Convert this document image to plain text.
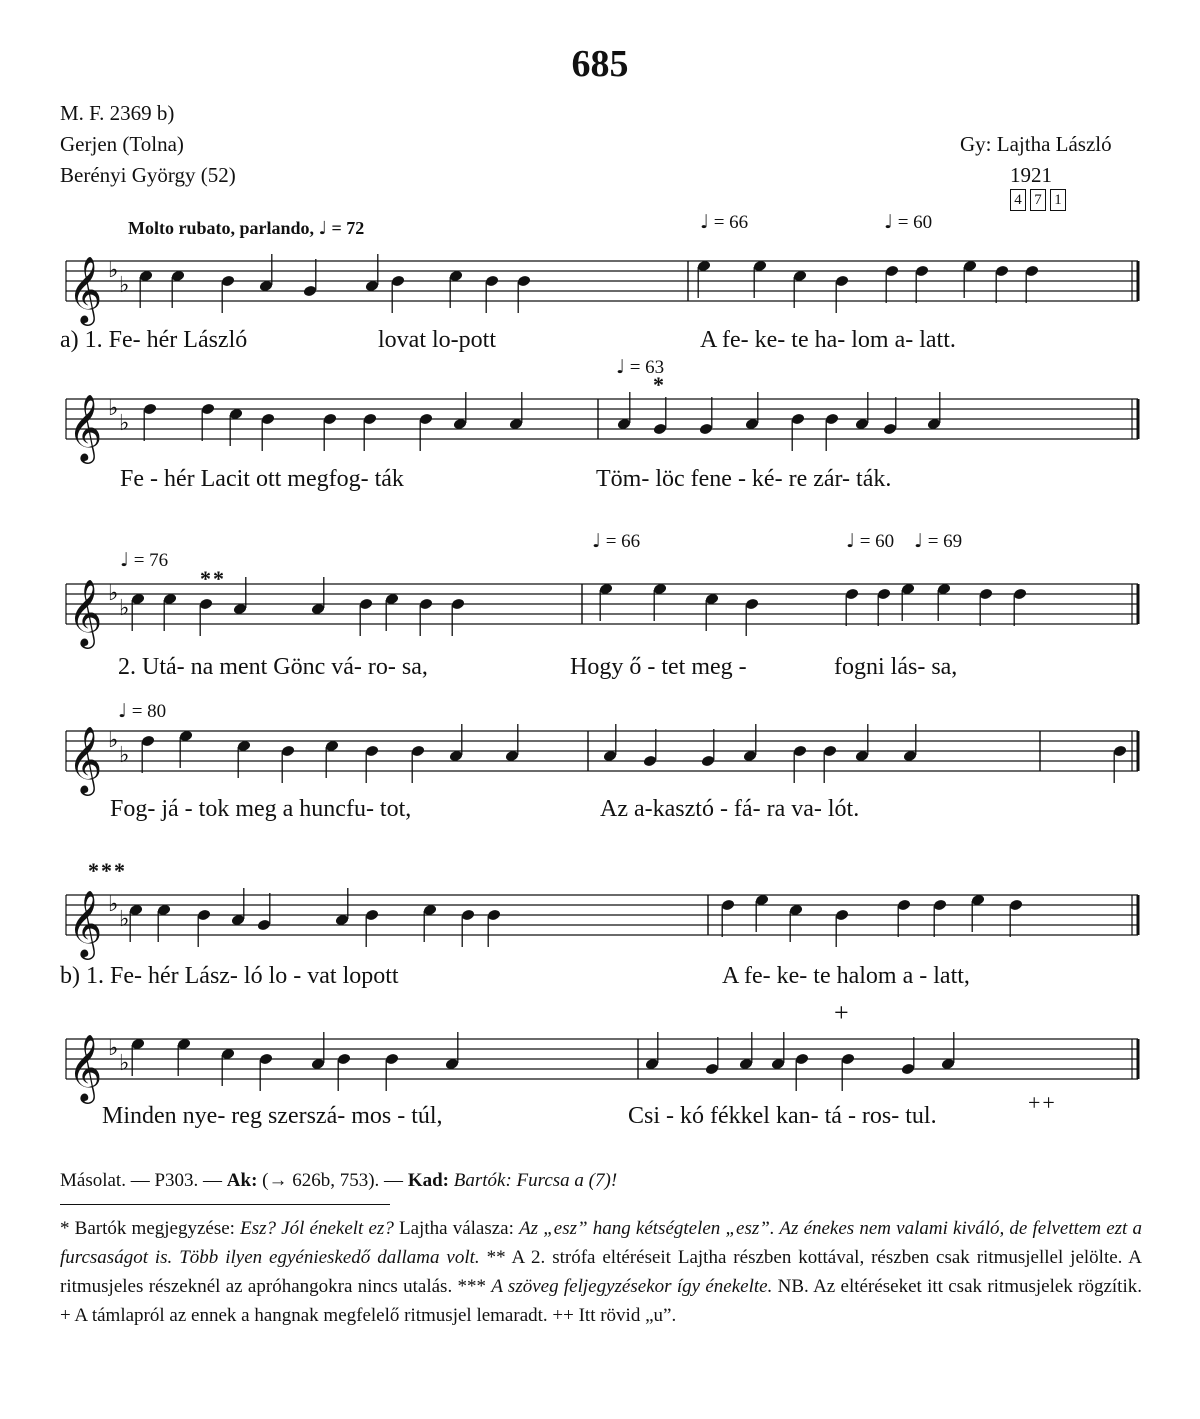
685
M. F. 2369 b)
Gerjen (Tolna)
Berényi György (52)
Gy: Lajtha László
1921
4 7 1
Molto rubato, parlando, ♩ = 72	♩ = 66	♩ = 60
♩ = 63
♩ = 76
♩ = 66	♩ = 60 ♩ = 69
♩ = 80
*
**
***
+
++
𝄞 ♭
♭
𝄞 ♭
♭
𝄞 ♭
♭
𝄞 ♭
♭
𝄞 ♭
♭
𝄞 ♭
♭
a) 1. Fe- hér László	lovat lo-pott	A fe- ke- te ha- lom a- latt.
Fe - hér Lacit ott megfog- ták	Töm- löc fene - ké- re zár- ták.
2. Utá- na ment Gönc vá- ro- sa,	Hogy ő - tet meg -	fogni lás- sa,
Fog- já - tok meg a huncfu- tot,	Az a-kasztó - fá- ra va- lót.
b) 1. Fe- hér Lász- ló lo - vat lopott	A fe- ke- te halom a - latt,
Minden nye- reg szerszá- mos - túl,	Csi - kó fékkel kan- tá - ros- tul.
Másolat. — P303. — Ak: (→ 626b, 753). — Kad: Bartók: Furcsa a (7)!
* Bartók megjegyzése: Esz? Jól énekelt ez? Lajtha válasza: Az „esz” hang kétségtelen „esz”. Az énekes nem valami kiváló, de felvettem ezt a furcsaságot is. Több ilyen egyénieskedő dallama volt. ** A 2. strófa eltéréseit Lajtha részben kottával, részben csak ritmusjellel jelölte. A ritmusjeles részeknél az apróhangokra nincs utalás. *** A szöveg feljegyzésekor így énekelte. NB. Az eltéréseket itt csak ritmusjelek rögzítik. + A támlapról az ennek a hangnak megfelelő ritmusjel lemaradt. ++ Itt rövid „u”.
